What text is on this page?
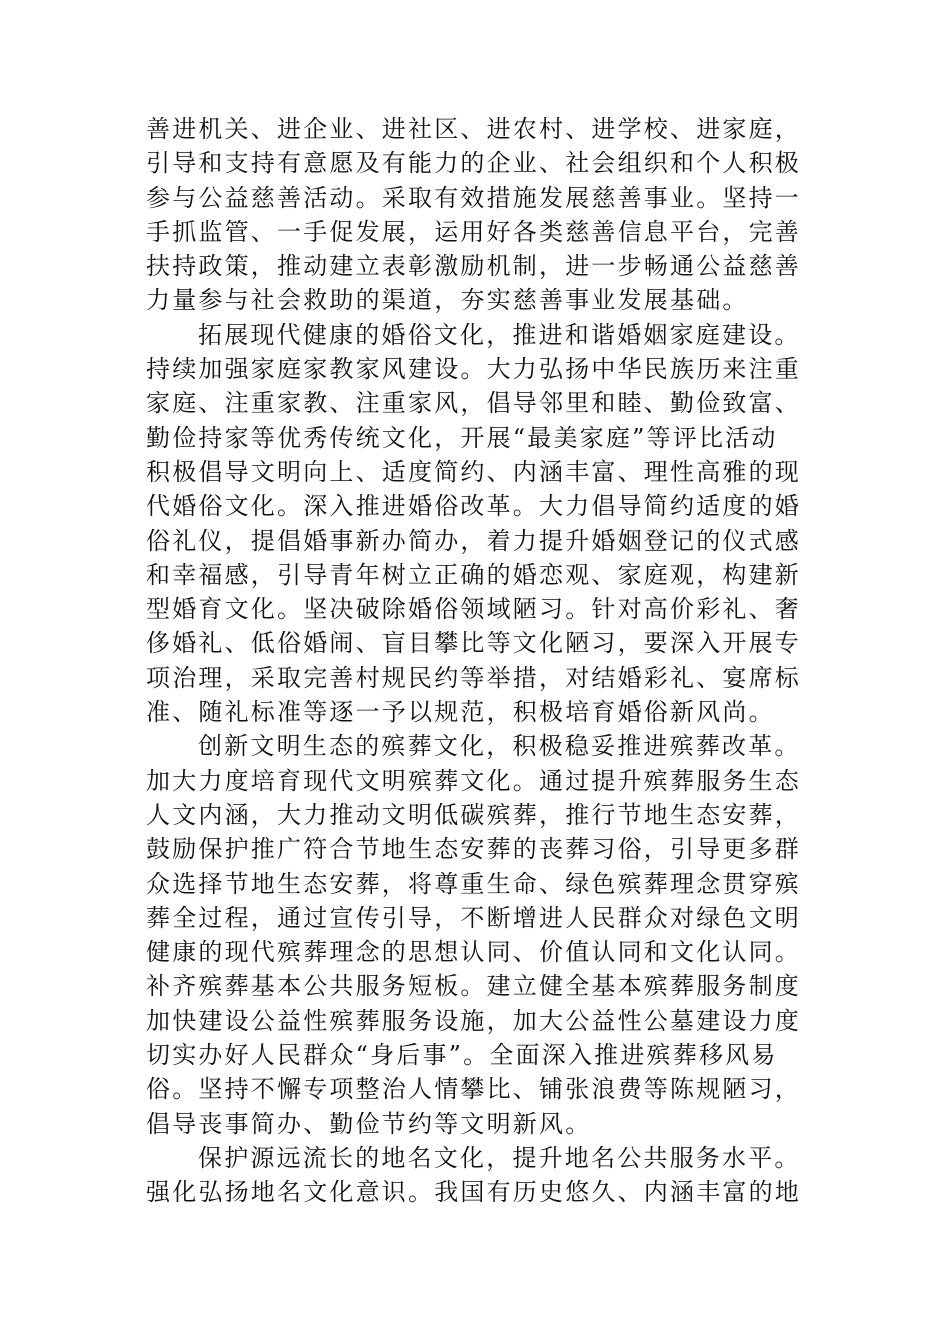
善进机关、进企业、进社区、进农村、进学校、进家庭，
引导和支持有意愿及有能力的企业、社会组织和个人积极
参与公益慈善活动。采取有效措施发展慈善事业。坚持一
手抓监管、一手促发展，运用好各类慈善信息平台，完善
扶持政策，推动建立表彰激励机制，进一步畅通公益慈善
力量参与社会救助的渠道，夯实慈善事业发展基础。
拓展现代健康的婚俗文化，推进和谐婚姻家庭建设。
持续加强家庭家教家风建设。大力弘扬中华民族历来注重
家庭、注重家教、注重家风，倡导邻里和睦、勤俭致富、
勤俭持家等优秀传统文化，开展“最美家庭”等评比活动
积极倡导文明向上、适度简约、内涵丰富、理性高雅的现
代婚俗文化。深入推进婚俗改革。大力倡导简约适度的婚
俗礼仪，提倡婚事新办简办，着力提升婚姻登记的仪式感
和幸福感，引导青年树立正确的婚恋观、家庭观，构建新
型婚育文化。坚决破除婚俗领域陋习。针对高价彩礼、奢
侈婚礼、低俗婚闹、盲目攀比等文化陋习，要深入开展专
项治理，采取完善村规民约等举措，对结婚彩礼、宴席标
准、随礼标准等逐一予以规范，积极培育婚俗新风尚。
创新文明生态的殡葬文化，积极稳妥推进殡葬改革。
加大力度培育现代文明殡葬文化。通过提升殡葬服务生态
人文内涵，大力推动文明低碳殡葬，推行节地生态安葬，
鼓励保护推广符合节地生态安葬的丧葬习俗，引导更多群
众选择节地生态安葬，将尊重生命、绿色殡葬理念贯穿殡
葬全过程，通过宣传引导，不断增进人民群众对绿色文明
健康的现代殡葬理念的思想认同、价值认同和文化认同。
补齐殡葬基本公共服务短板。建立健全基本殡葬服务制度
加快建设公益性殡葬服务设施，加大公益性公墓建设力度
切实办好人民群众“身后事”。全面深入推进殡葬移风易
俗。坚持不懈专项整治人情攀比、铺张浪费等陈规陋习，
倡导丧事简办、勤俭节约等文明新风。
保护源远流长的地名文化，提升地名公共服务水平。
强化弘扬地名文化意识。我国有历史悠久、内涵丰富的地
